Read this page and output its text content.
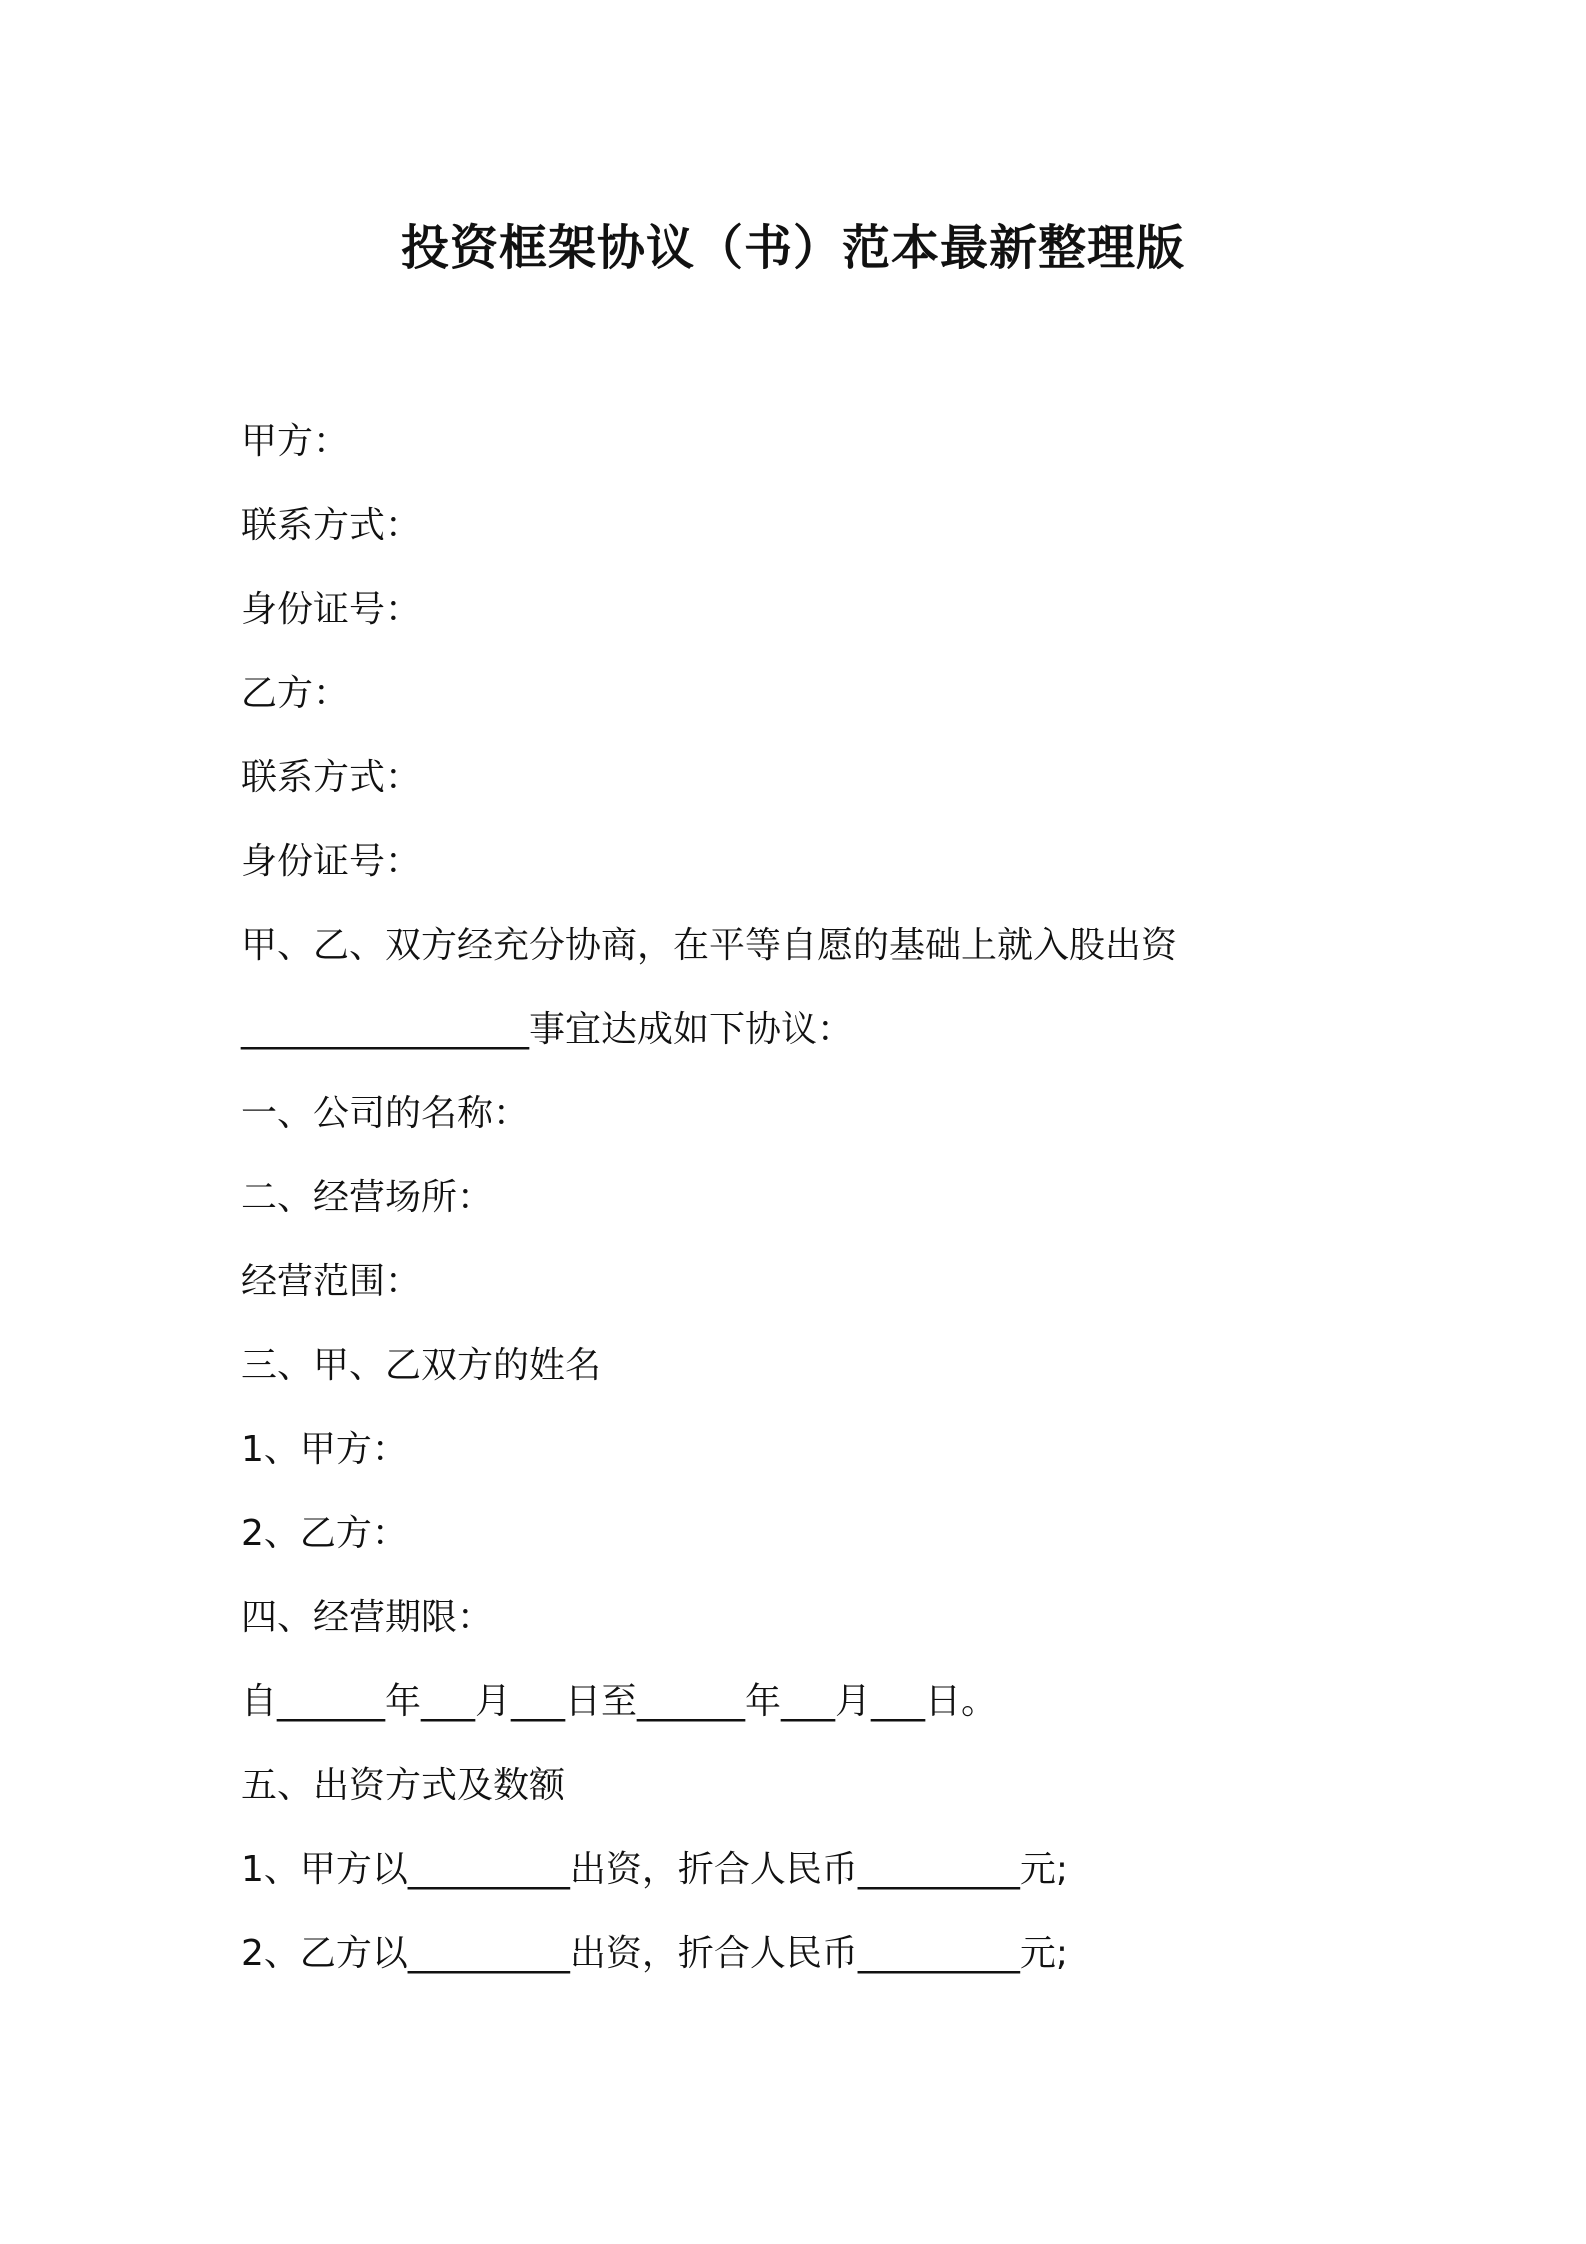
投资框架协议（书）范本最新整理版
甲方：
联系方式：
身份证号：
乙方：
联系方式：
身份证号：
甲、乙、双方经充分协商，在平等自愿的基础上就入股出资
________________事宜达成如下协议：
一、公司的名称：
二、经营场所：
经营范围：
三、甲、乙双方的姓名
1、甲方：
2、乙方：
四、经营期限：
自______年___月___日至______年___月___日。
五、出资方式及数额
1、甲方以_________出资，折合人民币_________元;
2、乙方以_________出资，折合人民币_________元;
